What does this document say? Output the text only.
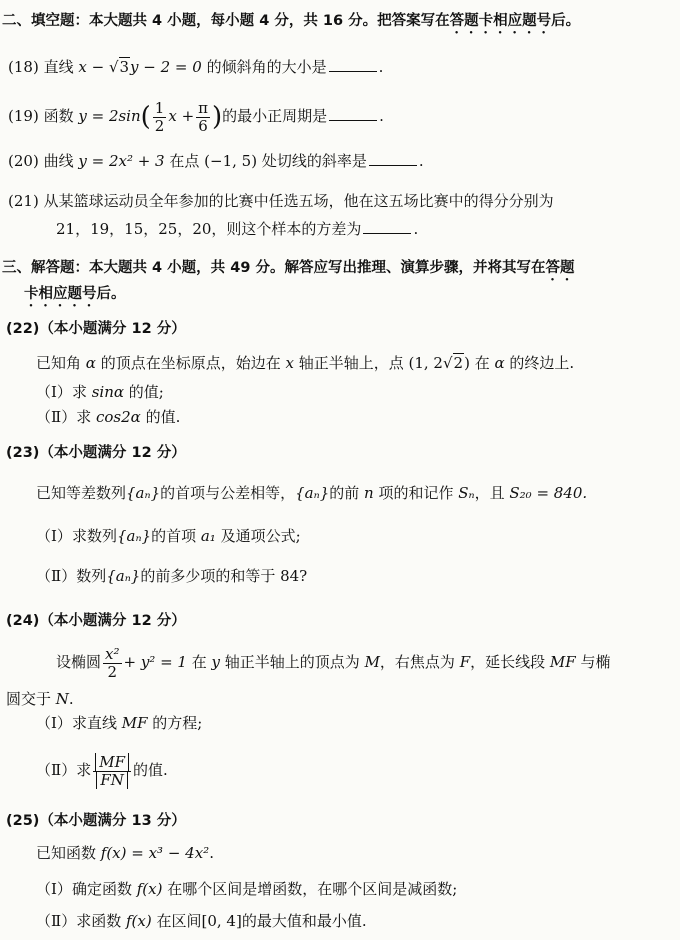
二、填空题：本大题共 4 小题，每小题 4 分，共 16 分。把答案写在答题卡相应题号后。
(18) 直线 x − √3y − 2 = 0 的倾斜角的大小是	.
(19) 函数 $y = 2\sin( \frac{1}{2}$ $x + \frac{\pi}{6}$ )的最小正周期是	.
(20) 曲线 y = 2x² + 3 在点 (−1, 5) 处切线的斜率是	.
(21) 从某篮球运动员全年参加的比赛中任选五场，他在这五场比赛中的得分分别为
21，19，15，25，20，则这个样本的方差为	.
三、解答题：本大题共 4 小题，共 49 分。解答应写出推理、演算步骤，并将其写在答题
卡相应题号后。
(22)（本小题满分 12 分）
已知角 α 的顶点在坐标原点，始边在 x 轴正半轴上，点 (1, 2√2) 在 α 的终边上.
（Ⅰ）求 sinα 的值;
（Ⅱ）求 cos2α 的值.
(23)（本小题满分 12 分）
已知等差数列{aₙ}的首项与公差相等，{aₙ}的前 n 项的和记作 Sₙ，且 S₂₀ = 840.
（Ⅰ）求数列{aₙ}的首项 a₁ 及通项公式;
（Ⅱ）数列{aₙ}的前多少项的和等于 84?
(24)（本小题满分 12 分）
设椭圆 $\frac{\text{x²}}{2} + y^2 = 1$ 在 y 轴正半轴上的顶点为 M，右焦点为 F，延长线段 MF 与椭
圆交于 N.
（Ⅰ）求直线 MF 的方程;
（Ⅱ）求 $\frac{MF}{FN}$ 的值.
(25)（本小题满分 13 分）
已知函数 f(x) = x³ − 4x².
（Ⅰ）确定函数 f(x) 在哪个区间是增函数，在哪个区间是减函数;
（Ⅱ）求函数 f(x) 在区间[0, 4]的最大值和最小值.
